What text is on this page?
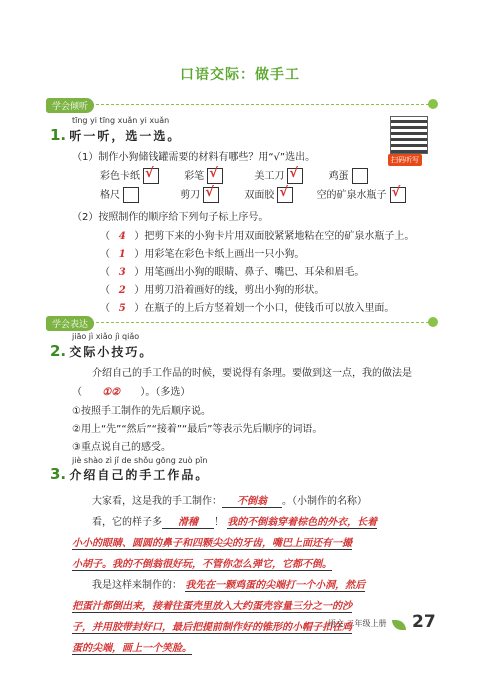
口语交际：做手工
学会倾听
扫码听写
tīng yi tīng xuǎn yi xuǎn
1. 听一听，选一选。
（1）制作小狗储钱罐需要的材料有哪些？用“√”选出。
彩色卡纸 √	彩笔 √	美工刀 √	鸡蛋
格尺	剪刀 √	双面胶 √	空的矿泉水瓶子 √
（2）按照制作的顺序给下列句子标上序号。
（ 4 ）把剪下来的小狗卡片用双面胶紧紧地粘在空的矿泉水瓶子上。
（ 1 ）用彩笔在彩色卡纸上画出一只小狗。
（ 3 ）用笔画出小狗的眼睛、鼻子、嘴巴、耳朵和眉毛。
（ 2 ）用剪刀沿着画好的线，剪出小狗的形状。
（ 5 ）在瓶子的上后方竖着划一个小口，使钱币可以放入里面。
学会表达
jiāo jì xiǎo jì qiǎo
2. 交际小技巧。
介绍自己的手工作品的时候，要说得有条理。要做到这一点，我的做法是
（ ①② ）。（多选）
①按照手工制作的先后顺序说。
②用上“先”“然后”“接着”“最后”等表示先后顺序的词语。
③重点说自己的感受。
jiè shào zì jǐ de shǒu gōng zuò pǐn
3. 介绍自己的手工作品。
大家看，这是我的手工制作： 不倒翁 。（小制作的名称）
看，它的样子多 滑稽 ！ 我的不倒翁穿着棕色的外衣，长着
小小的眼睛、圆圆的鼻子和四颗尖尖的牙齿，嘴巴上面还有一撮
小胡子。我的不倒翁很好玩，不管你怎么弹它，它都不倒。
我是这样来制作的： 我先在一颗鸡蛋的尖端打一个小洞，然后
把蛋汁都倒出来，接着往蛋壳里放入大约蛋壳容量三分之一的沙
子，并用胶带封好口，最后把提前制作好的锥形的小帽子扣在鸡
蛋的尖端，画上一个笑脸。
语文 二年级上册 27
